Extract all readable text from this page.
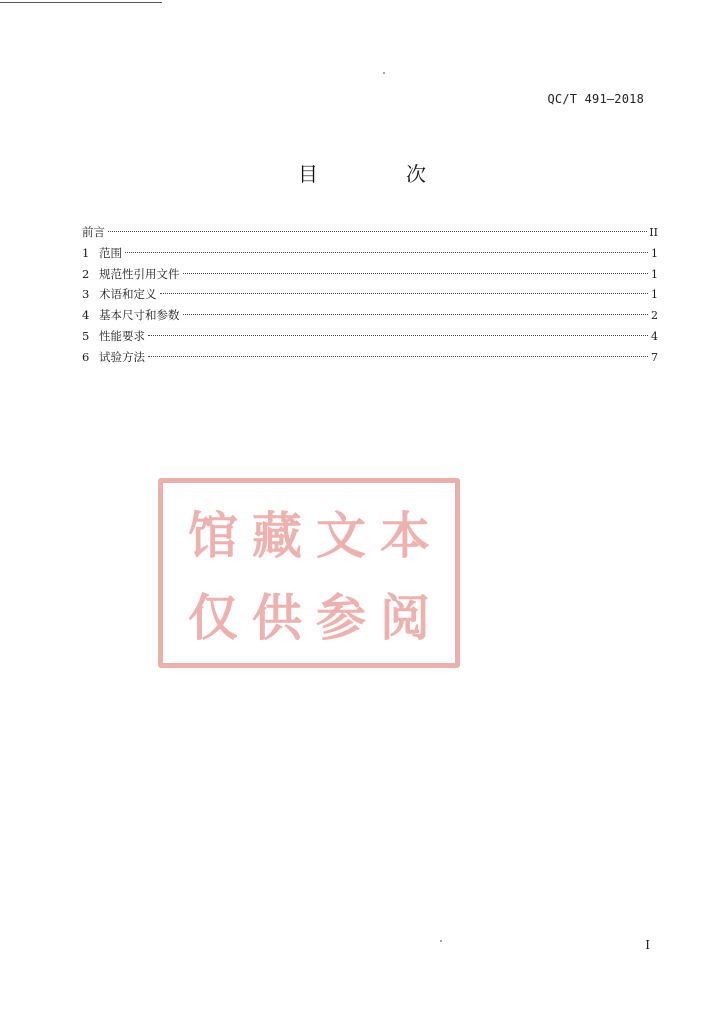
QC/T 491—2018
目　次
前言	II
1 范围	1
2 规范性引用文件	1
3 术语和定义	1
4 基本尺寸和参数	2
5 性能要求	4
6 试验方法	7
馆藏文本
仅供参阅
I
